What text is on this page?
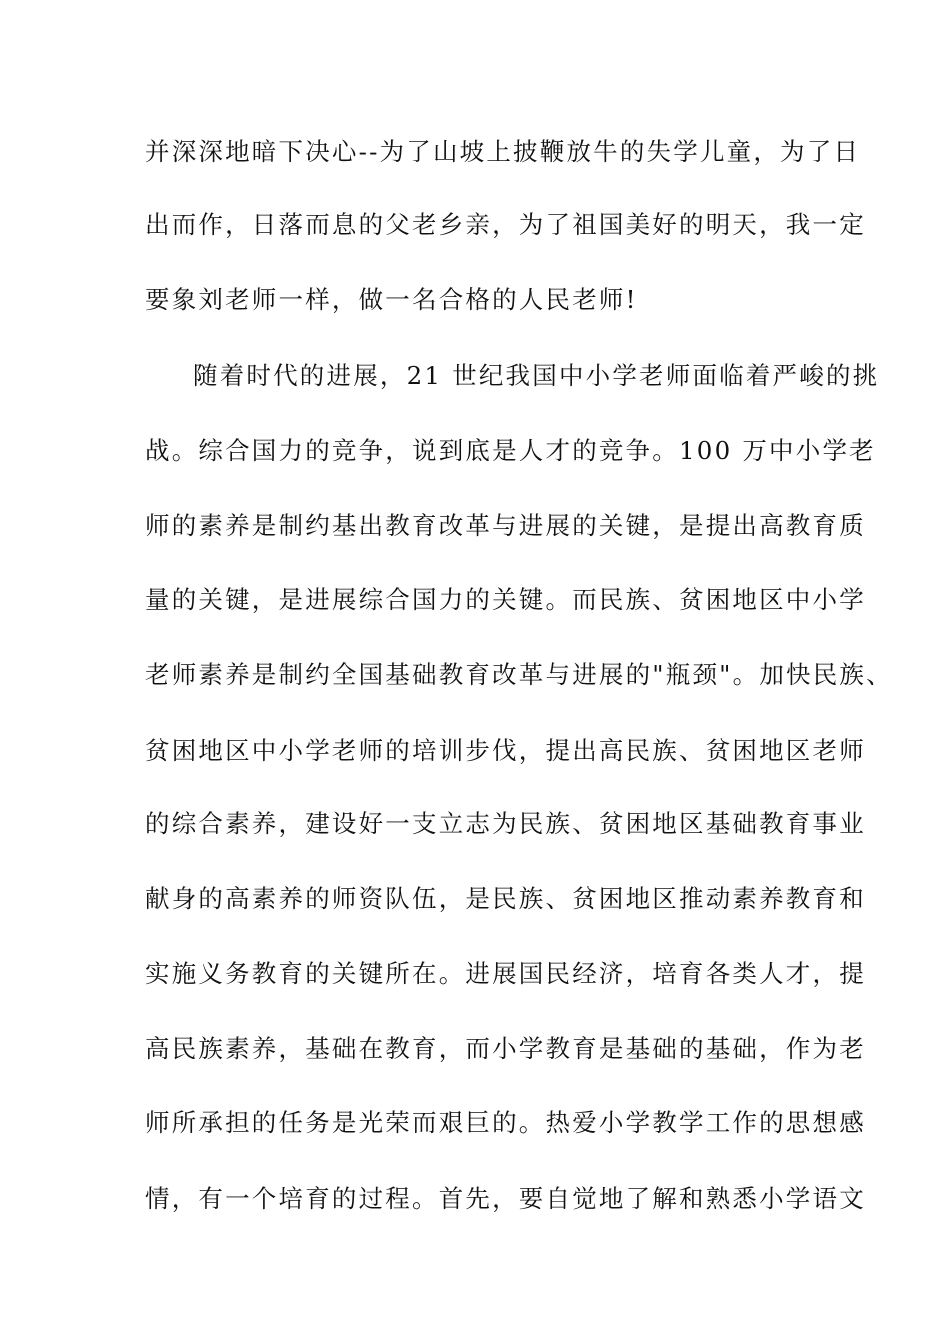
并深深地暗下决心--为了山坡上披鞭放牛的失学儿童，为了日
出而作，日落而息的父老乡亲，为了祖国美好的明天，我一定
要象刘老师一样，做一名合格的人民老师!
随着时代的进展，21 世纪我国中小学老师面临着严峻的挑
战。综合国力的竞争，说到底是人才的竞争。100 万中小学老
师的素养是制约基出教育改革与进展的关键，是提出高教育质
量的关键，是进展综合国力的关键。而民族、贫困地区中小学
老师素养是制约全国基础教育改革与进展的"瓶颈"。加快民族、
贫困地区中小学老师的培训步伐，提出高民族、贫困地区老师
的综合素养，建设好一支立志为民族、贫困地区基础教育事业
献身的高素养的师资队伍，是民族、贫困地区推动素养教育和
实施义务教育的关键所在。进展国民经济，培育各类人才，提
高民族素养，基础在教育，而小学教育是基础的基础，作为老
师所承担的任务是光荣而艰巨的。热爱小学教学工作的思想感
情，有一个培育的过程。首先，要自觉地了解和熟悉小学语文
